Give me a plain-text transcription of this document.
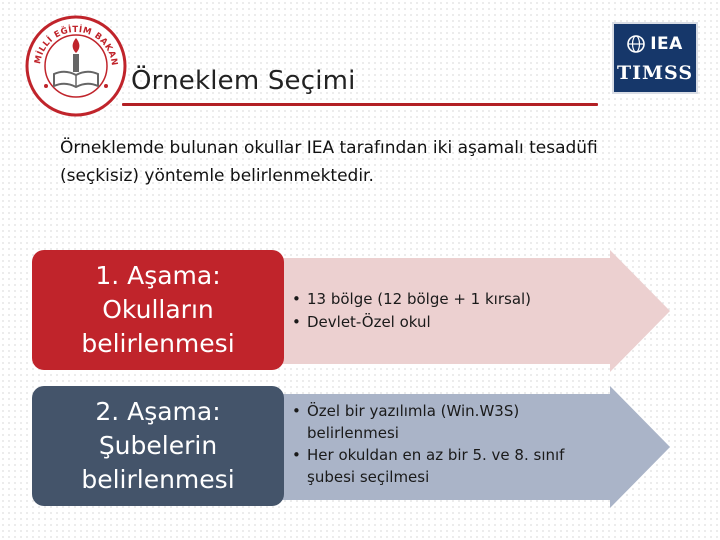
MİLLİ EĞİTİM BAKAN
Örneklem Seçimi
IEA
TIMSS

Örneklemde bulunan okullar IEA tarafından iki aşamalı tesadüfi (seçkisiz) yöntemle belirlenmektedir.

• 13 bölge (12 bölge + 1 kırsal)
• Devlet-Özel okul
1. Aşama:
Okulların
belirlenmesi
• Özel bir yazılımla (Win.W3S) belirlenmesi
• Her okuldan en az bir 5. ve 8. sınıf şubesi seçilmesi
2. Aşama:
Şubelerin
belirlenmesi
